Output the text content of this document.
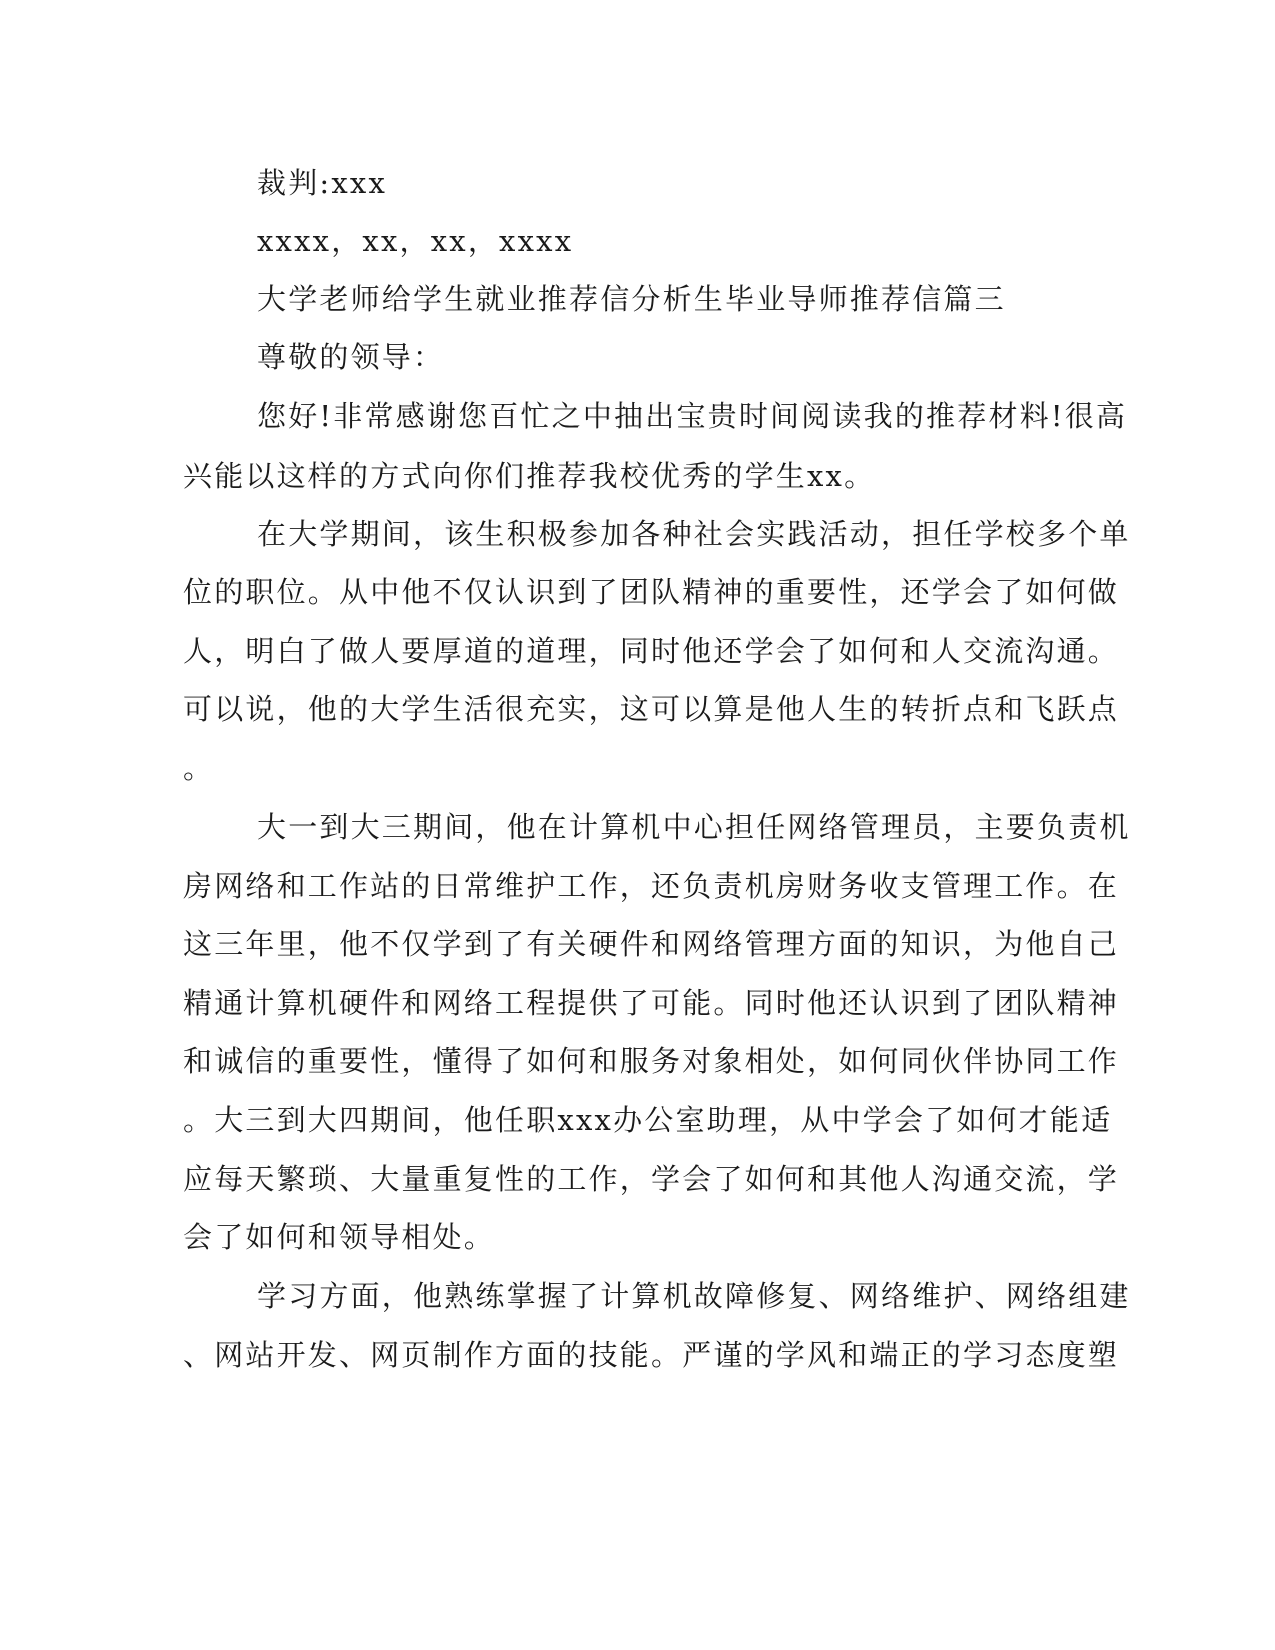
裁判:xxx

xxxx，xx，xx，xxxx

大学老师给学生就业推荐信分析生毕业导师推荐信篇三

尊敬的领导：

您好!非常感谢您百忙之中抽出宝贵时间阅读我的推荐材料!很高

兴能以这样的方式向你们推荐我校优秀的学生xx。

在大学期间，该生积极参加各种社会实践活动，担任学校多个单

位的职位。从中他不仅认识到了团队精神的重要性，还学会了如何做

人，明白了做人要厚道的道理，同时他还学会了如何和人交流沟通。

可以说，他的大学生活很充实，这可以算是他人生的转折点和飞跃点

。

大一到大三期间，他在计算机中心担任网络管理员，主要负责机

房网络和工作站的日常维护工作，还负责机房财务收支管理工作。在

这三年里，他不仅学到了有关硬件和网络管理方面的知识，为他自己

精通计算机硬件和网络工程提供了可能。同时他还认识到了团队精神

和诚信的重要性，懂得了如何和服务对象相处，如何同伙伴协同工作

。大三到大四期间，他任职xxx办公室助理，从中学会了如何才能适

应每天繁琐、大量重复性的工作，学会了如何和其他人沟通交流，学

会了如何和领导相处。

学习方面，他熟练掌握了计算机故障修复、网络维护、网络组建

、网站开发、网页制作方面的技能。严谨的学风和端正的学习态度塑
